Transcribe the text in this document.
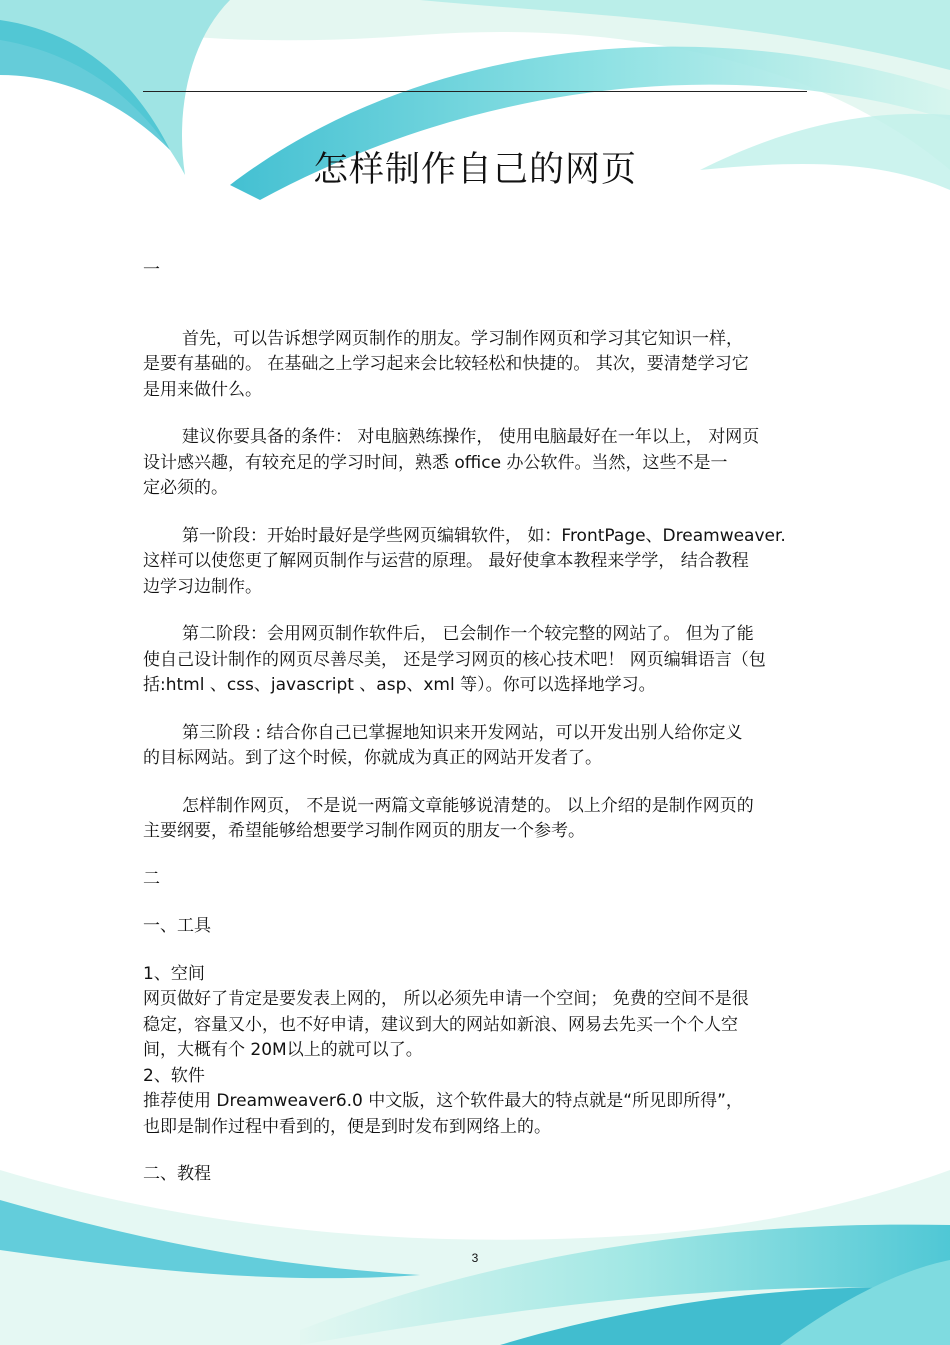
怎样制作自己的网页

一

首先，可以告诉想学网页制作的朋友。学习制作网页和学习其它知识一样，
是要有基础的。 在基础之上学习起来会比较轻松和快捷的。 其次，要清楚学习它
是用来做什么。

建议你要具备的条件： 对电脑熟练操作， 使用电脑最好在一年以上， 对网页
设计感兴趣，有较充足的学习时间，熟悉 office 办公软件。当然，这些不是一
定必须的。

第一阶段：开始时最好是学些网页编辑软件， 如：FrontPage、Dreamweaver.
这样可以使您更了解网页制作与运营的原理。 最好使拿本教程来学学， 结合教程
边学习边制作。

第二阶段：会用网页制作软件后， 已会制作一个较完整的网站了。 但为了能
使自己设计制作的网页尽善尽美， 还是学习网页的核心技术吧！ 网页编辑语言（包
括:html 、css、javascript 、asp、xml 等）。你可以选择地学习。

第三阶段 : 结合你自己已掌握地知识来开发网站，可以开发出别人给你定义
的目标网站。到了这个时候，你就成为真正的网站开发者了。

怎样制作网页， 不是说一两篇文章能够说清楚的。 以上介绍的是制作网页的
主要纲要，希望能够给想要学习制作网页的朋友一个参考。

二

一、工具

1、空间

网页做好了肯定是要发表上网的， 所以必须先申请一个空间； 免费的空间不是很
稳定，容量又小，也不好申请，建议到大的网站如新浪、网易去先买一个个人空
间，大概有个 20M以上的就可以了。

2、软件

推荐使用 Dreamweaver6.0 中文版，这个软件最大的特点就是“所见即所得”，
也即是制作过程中看到的，便是到时发布到网络上的。

二、教程

3
